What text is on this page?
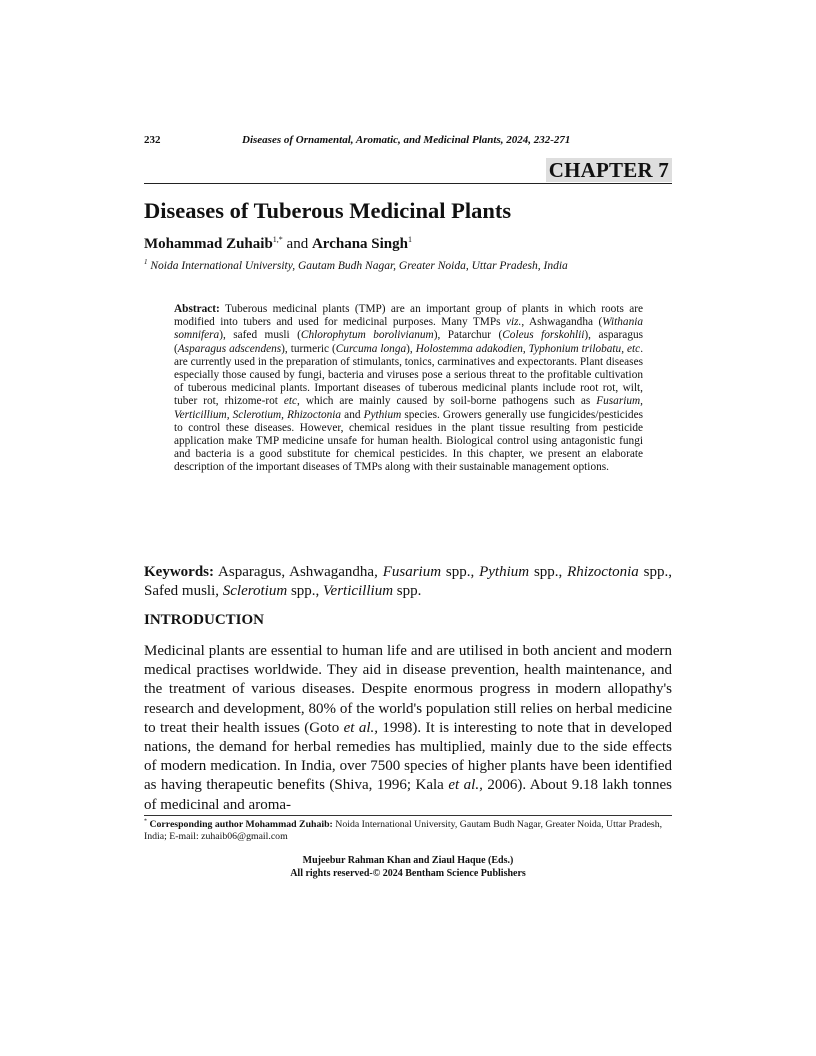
232	Diseases of Ornamental, Aromatic, and Medicinal Plants, 2024, 232-271
CHAPTER 7
Diseases of Tuberous Medicinal Plants
Mohammad Zuhaib$^{1,*}$ and Archana Singh$^1$
$^1$ Noida International University, Gautam Budh Nagar, Greater Noida, Uttar Pradesh, India

Abstract: Tuberous medicinal plants (TMP) are an important group of plants in which roots are modified into tubers and used for medicinal purposes. Many TMPs viz., Ashwagandha (Withania somnifera), safed musli (Chlorophytum borolivianum), Patarchur (Coleus forskohlii), asparagus (Asparagus adscendens), turmeric (Curcuma longa), Holostemma adakodien, Typhonium trilobatu, etc. are currently used in the preparation of stimulants, tonics, carminatives and expectorants. Plant diseases especially those caused by fungi, bacteria and viruses pose a serious threat to the profitable cultivation of tuberous medicinal plants. Important diseases of tuberous medicinal plants include root rot, wilt, tuber rot, rhizome-rot etc, which are mainly caused by soil-borne pathogens such as Fusarium, Verticillium, Sclerotium, Rhizoctonia and Pythium species. Growers generally use fungicides/pesticides to control these diseases. However, chemical residues in the plant tissue resulting from pesticide application make TMP medicine unsafe for human health. Biological control using antagonistic fungi and bacteria is a good substitute for chemical pesticides. In this chapter, we present an elaborate description of the important diseases of TMPs along with their sustainable management options.

Keywords: Asparagus, Ashwagandha, Fusarium spp., Pythium spp., Rhizoctonia spp., Safed musli, Sclerotium spp., Verticillium spp.

INTRODUCTION

Medicinal plants are essential to human life and are utilised in both ancient and modern medical practises worldwide. They aid in disease prevention, health maintenance, and the treatment of various diseases. Despite enormous progress in modern allopathy's research and development, 80% of the world's population still relies on herbal medicine to treat their health issues (Goto et al., 1998). It is interesting to note that in developed nations, the demand for herbal remedies has multiplied, mainly due to the side effects of modern medication. In India, over 7500 species of higher plants have been identified as having therapeutic benefits (Shiva, 1996; Kala et al., 2006). About 9.18 lakh tonnes of medicinal and aroma-

* Corresponding author Mohammad Zuhaib: Noida International University, Gautam Budh Nagar, Greater Noida, Uttar Pradesh, India; E-mail: zuhaib06@gmail.com

Mujeebur Rahman Khan and Ziaul Haque (Eds.)
All rights reserved-© 2024 Bentham Science Publishers
